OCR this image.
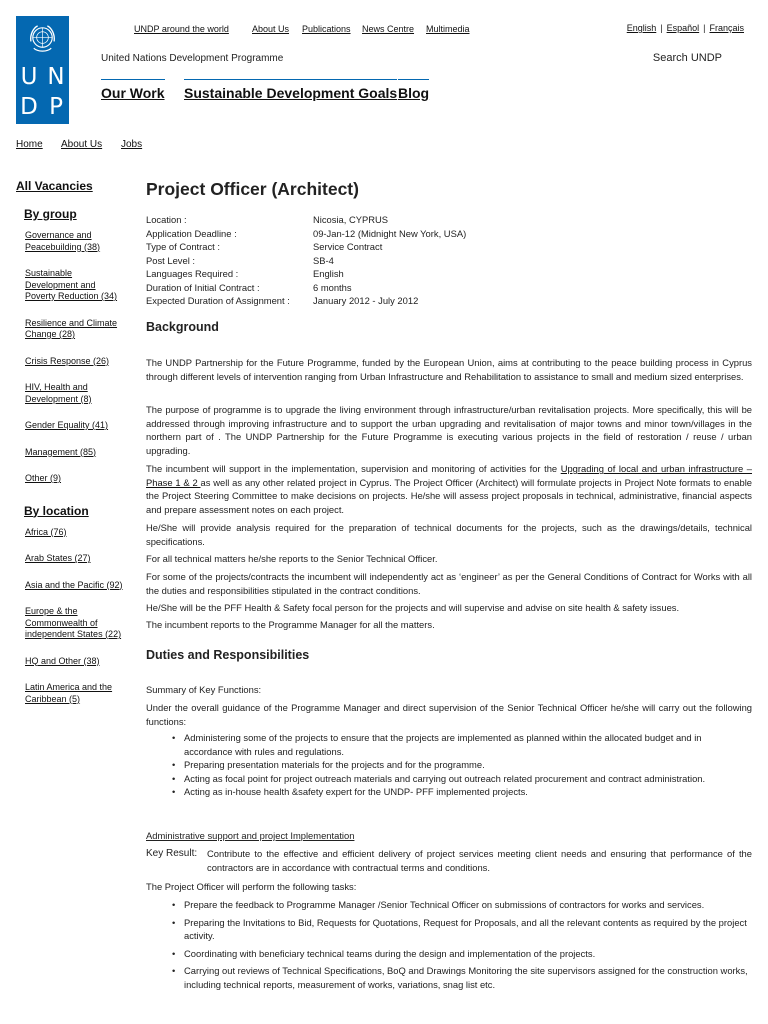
U N
D P
UNDP around the world	About Us Publications News Centre Multimedia	English | Español | Français
United Nations Development Programme	Search UNDP
Our Work Sustainable Development Goals Blog
Home About Us Jobs
All Vacancies
By group
Governance and Peacebuilding (38)
Sustainable Development and Poverty Reduction (34)
Resilience and Climate Change (28)
Crisis Response (26)
HIV, Health and Development (8)
Gender Equality (41)
Management (85)
Other (9)
By location
Africa (76)
Arab States (27)
Asia and the Pacific (92)
Europe & the Commonwealth of independent States (22)
HQ and Other (38)
Latin America and the Caribbean (5)
Project Officer (Architect)
Location :	Nicosia, CYPRUS
Application Deadline :	09-Jan-12 (Midnight New York, USA)
Type of Contract :	Service Contract
Post Level :	SB-4
Languages Required :	English
Duration of Initial Contract :	6 months
Expected Duration of Assignment :	January 2012 - July 2012
Background

The UNDP Partnership for the Future Programme, funded by the European Union, aims at contributing to the peace building process in Cyprus through different levels of intervention ranging from Urban Infrastructure and Rehabilitation to assistance to small and medium sized enterprises.

The purpose of programme is to upgrade the living environment through infrastructure/urban revitalisation projects. More specifically, this will be addressed through improving infrastructure and to support the urban upgrading and revitalisation of major towns and minor town/villages in the northern part of . The UNDP Partnership for the Future Programme is executing various projects in the field of restoration / reuse / urban upgrading.

The incumbent will support in the implementation, supervision and monitoring of activities for the Upgrading of local and urban infrastructure – Phase 1 & 2 as well as any other related project in Cyprus. The Project Officer (Architect) will formulate projects in Project Note formats to enable the Project Steering Committee to make decisions on projects. He/she will assess project proposals in technical, administrative, financial aspects and prepare assessment notes on each project.

He/She will provide analysis required for the preparation of technical documents for the projects, such as the drawings/details, technical specifications.

For all technical matters he/she reports to the Senior Technical Officer.

For some of the projects/contracts the incumbent will independently act as ‘engineer’ as per the General Conditions of Contract for Works with all the duties and responsibilities stipulated in the contract conditions.

He/She will be the PFF Health & Safety focal person for the projects and will supervise and advise on site health & safety issues.

The incumbent reports to the Programme Manager for all the matters.

Duties and Responsibilities

Summary of Key Functions:

Under the overall guidance of the Programme Manager and direct supervision of the Senior Technical Officer he/she will carry out the following functions:

• Administering some of the projects to ensure that the projects are implemented as planned within the allocated budget and in accordance with rules and regulations.
• Preparing presentation materials for the projects and for the programme.
• Acting as focal point for project outreach materials and carrying out outreach related procurement and contract administration.
• Acting as in-house health &safety expert for the UNDP- PFF implemented projects.

Administrative support and project Implementation

Key Result:	Contribute to the effective and efficient delivery of project services meeting client needs and ensuring that performance of the contractors are in accordance with contractual terms and conditions.

The Project Officer will perform the following tasks:

• Prepare the feedback to Programme Manager /Senior Technical Officer on submissions of contractors for works and services.
• Preparing the Invitations to Bid, Requests for Quotations, Request for Proposals, and all the relevant contents as required by the project activity.
• Coordinating with beneficiary technical teams during the design and implementation of the projects.
• Carrying out reviews of Technical Specifications, BoQ and Drawings Monitoring the site supervisors assigned for the construction works, including technical reports, measurement of works, variations, snag list etc.
